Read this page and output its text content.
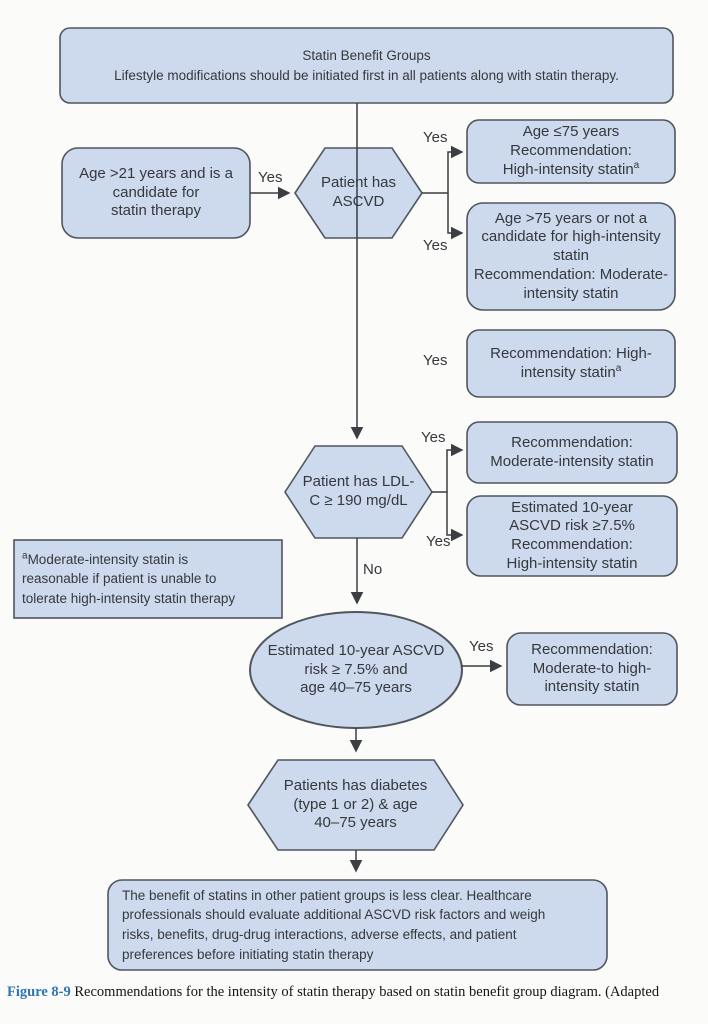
Statin Benefit Groups
Lifestyle modifications should be initiated first in all patients along with statin therapy.
Age >21 years and is a
candidate for
statin therapy
Patient has
ASCVD
Age ≤75 years
Recommendation:
High-intensity statin$^a$
Age >75 years or not a
candidate for high-intensity
statin
Recommendation: Moderate-
intensity statin
Recommendation: High-
intensity statin$^a$
Patient has LDL-
C ≥ 190 mg/dL
Recommendation:
Moderate-intensity statin
Estimated 10-year
ASCVD risk ≥7.5%
Recommendation:
High-intensity statin
$^a$Moderate-intensity statin is
reasonable if patient is unable to
tolerate high-intensity statin therapy
Estimated 10-year ASCVD
risk ≥ 7.5% and
age 40–75 years
Recommendation:
Moderate-to high-
intensity statin
Patients has diabetes
(type 1 or 2) & age
40–75 years
The benefit of statins in other patient groups is less clear. Healthcare
professionals should evaluate additional ASCVD risk factors and weigh
risks, benefits, drug-drug interactions, adverse effects, and patient
preferences before initiating statin therapy
Yes
Yes
Yes
Yes
Yes
Yes
No
Yes
Figure 8-9 Recommendations for the intensity of statin therapy based on statin benefit group diagram. (Adapted
